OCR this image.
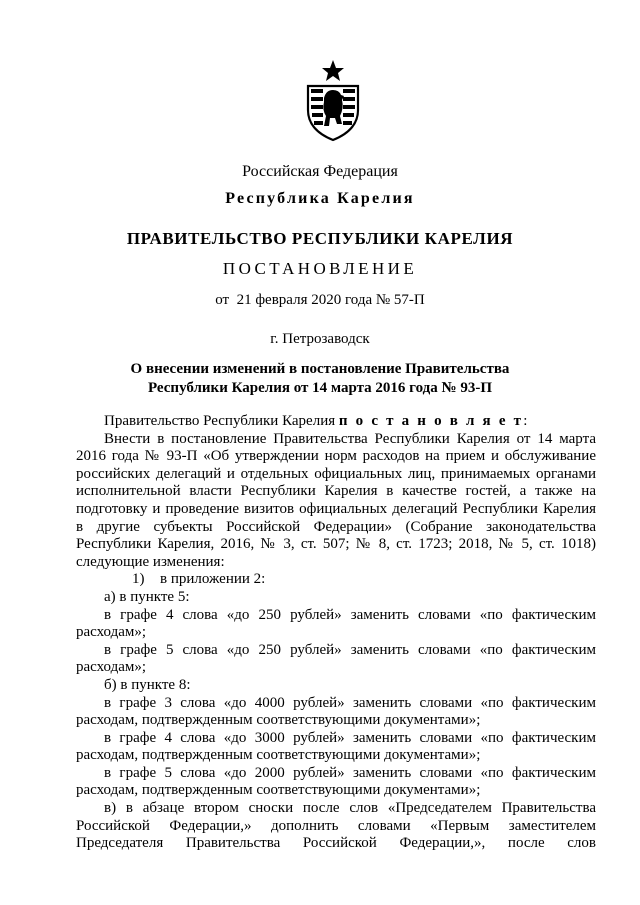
Российская Федерация
Республика Карелия
ПРАВИТЕЛЬСТВО РЕСПУБЛИКИ КАРЕЛИЯ
ПОСТАНОВЛЕНИЕ
от  21 февраля 2020 года № 57-П
г. Петрозаводск
О внесении изменений в постановление Правительства
Республики Карелия от 14 марта 2016 года № 93-П

Правительство Республики Карелия п о с т а н о в л я е т:

Внести в постановление Правительства Республики Карелия от 14 марта 2016 года № 93-П «Об утверждении норм расходов на прием и обслуживание российских делегаций и отдельных официальных лиц, принимаемых органами исполнительной власти Республики Карелия в качестве гостей, а также на подготовку и проведение визитов официальных делегаций Республики Карелия в другие субъекты Российской Федерации» (Собрание законодательства Республики Карелия, 2016, № 3, ст. 507; № 8, ст. 1723; 2018, № 5, ст. 1018) следующие изменения:

1) в приложении 2:

а) в пункте 5:

в графе 4 слова «до 250 рублей» заменить словами «по фактическим расходам»;

в графе 5 слова «до 250 рублей» заменить словами «по фактическим расходам»;

б) в пункте 8:

в графе 3 слова «до 4000 рублей» заменить словами «по фактическим расходам, подтвержденным соответствующими документами»;

в графе 4 слова «до 3000 рублей» заменить словами «по фактическим расходам, подтвержденным соответствующими документами»;

в графе 5 слова «до 2000 рублей» заменить словами «по фактическим расходам, подтвержденным соответствующими документами»;

в) в абзаце втором сноски после слов «Председателем Правительства Российской Федерации,» дополнить словами «Первым заместителем Председателя Правительства Российской Федерации,», после слов
